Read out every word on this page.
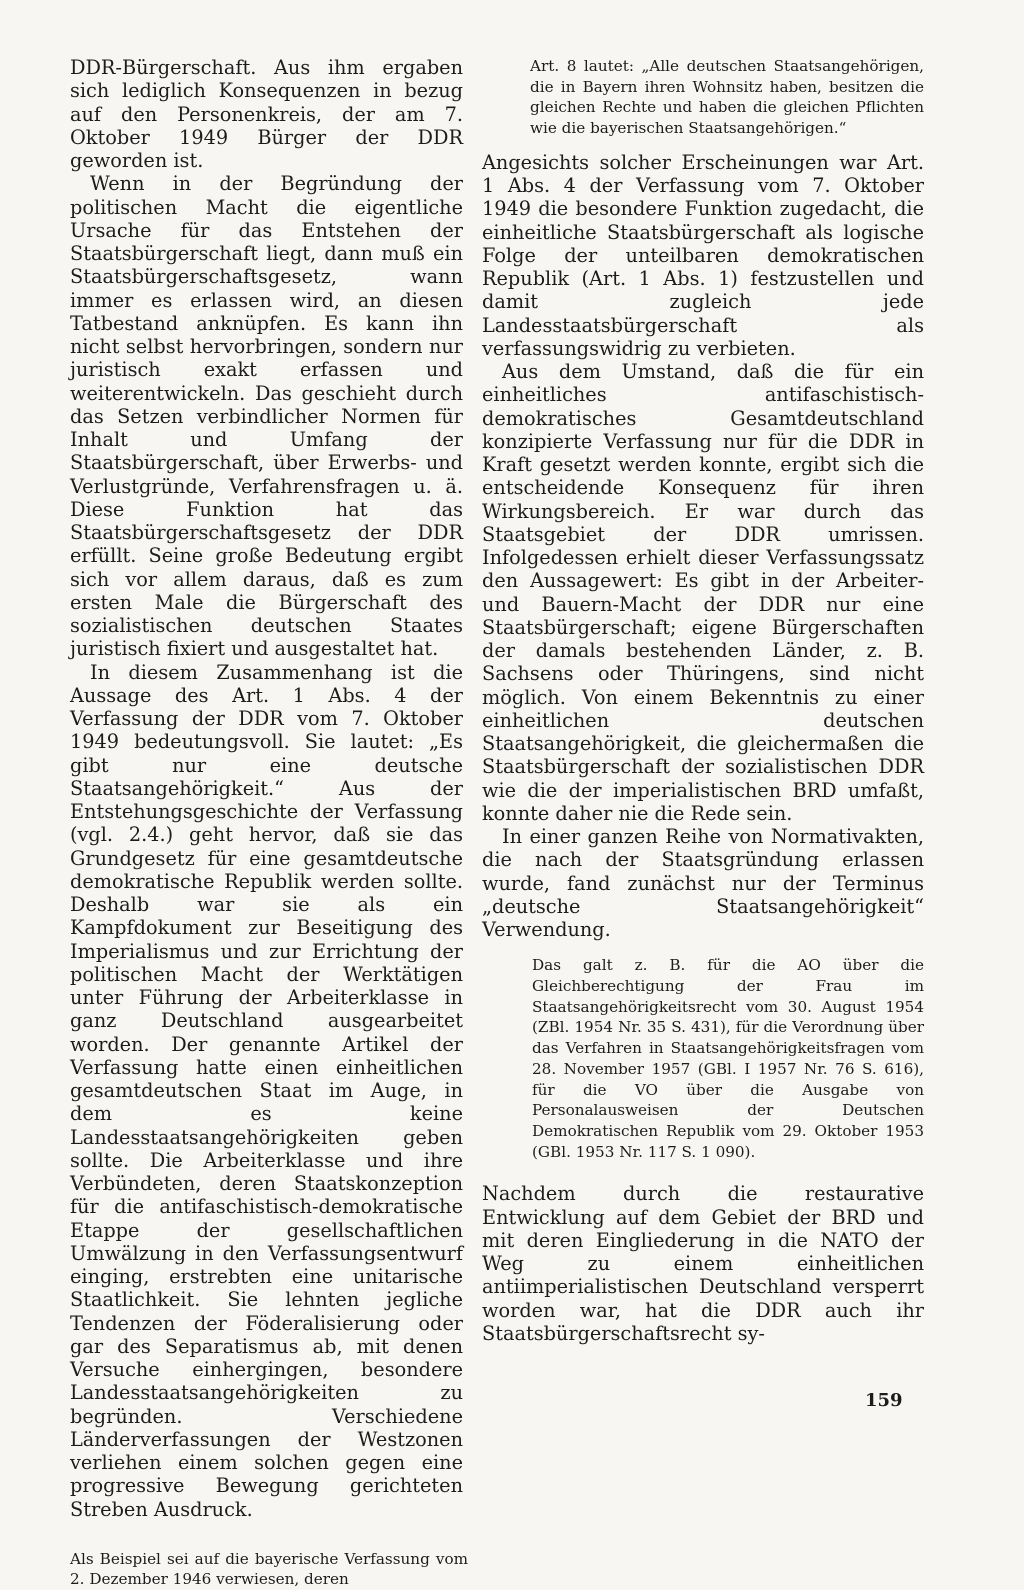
DDR-Bürgerschaft. Aus ihm ergaben sich lediglich Konsequenzen in bezug auf den Personenkreis, der am 7. Oktober 1949 Bürger der DDR geworden ist.

Wenn in der Begründung der politischen Macht die eigentliche Ursache für das Entstehen der Staatsbürgerschaft liegt, dann muß ein Staatsbürgerschaftsgesetz, wann immer es erlassen wird, an diesen Tatbestand anknüpfen. Es kann ihn nicht selbst hervorbringen, sondern nur juristisch exakt erfassen und weiterentwickeln. Das geschieht durch das Setzen verbindlicher Normen für Inhalt und Umfang der Staatsbürgerschaft, über Erwerbs- und Verlustgründe, Verfahrensfragen u. ä. Diese Funktion hat das Staatsbürgerschaftsgesetz der DDR erfüllt. Seine große Bedeutung ergibt sich vor allem daraus, daß es zum ersten Male die Bürgerschaft des sozialistischen deutschen Staates juristisch fixiert und ausgestaltet hat.

In diesem Zusammenhang ist die Aussage des Art. 1 Abs. 4 der Verfassung der DDR vom 7. Oktober 1949 bedeutungsvoll. Sie lautet: „Es gibt nur eine deutsche Staatsangehörigkeit.“ Aus der Entstehungsgeschichte der Verfassung (vgl. 2.4.) geht hervor, daß sie das Grundgesetz für eine gesamtdeutsche demokratische Republik werden sollte. Deshalb war sie als ein Kampfdokument zur Beseitigung des Imperialismus und zur Errichtung der politischen Macht der Werktätigen unter Führung der Arbeiterklasse in ganz Deutschland ausgearbeitet worden. Der genannte Artikel der Verfassung hatte einen einheitlichen gesamtdeutschen Staat im Auge, in dem es keine Landesstaatsangehörigkeiten geben sollte. Die Arbeiterklasse und ihre Verbündeten, deren Staatskonzeption für die antifaschistisch-demokratische Etappe der gesellschaftlichen Umwälzung in den Verfassungsentwurf einging, erstrebten eine unitarische Staatlichkeit. Sie lehnten jegliche Tendenzen der Föderalisierung oder gar des Separatismus ab, mit denen Versuche einhergingen, besondere Landesstaatsangehörigkeiten zu begründen. Verschiedene Länderverfassungen der Westzonen verliehen einem solchen gegen eine progressive Bewegung gerichteten Streben Ausdruck.

Als Beispiel sei auf die bayerische Verfassung vom 2. Dezember 1946 verwiesen, deren

Art. 8 lautet: „Alle deutschen Staatsangehörigen, die in Bayern ihren Wohnsitz haben, besitzen die gleichen Rechte und haben die gleichen Pflichten wie die bayerischen Staatsangehörigen.“

Angesichts solcher Erscheinungen war Art. 1 Abs. 4 der Verfassung vom 7. Oktober 1949 die besondere Funktion zugedacht, die einheitliche Staatsbürgerschaft als logische Folge der unteilbaren demokratischen Republik (Art. 1 Abs. 1) festzustellen und damit zugleich jede Landesstaatsbürgerschaft als verfassungswidrig zu verbieten.

Aus dem Umstand, daß die für ein einheitliches antifaschistisch-demokratisches Gesamtdeutschland konzipierte Verfassung nur für die DDR in Kraft gesetzt werden konnte, ergibt sich die entscheidende Konsequenz für ihren Wirkungsbereich. Er war durch das Staatsgebiet der DDR umrissen. Infolgedessen erhielt dieser Verfassungssatz den Aussagewert: Es gibt in der Arbeiter- und Bauern-Macht der DDR nur eine Staatsbürgerschaft; eigene Bürgerschaften der damals bestehenden Länder, z. B. Sachsens oder Thüringens, sind nicht möglich. Von einem Bekenntnis zu einer einheitlichen deutschen Staatsangehörigkeit, die gleichermaßen die Staatsbürgerschaft der sozialistischen DDR wie die der imperialistischen BRD umfaßt, konnte daher nie die Rede sein.

In einer ganzen Reihe von Normativakten, die nach der Staatsgründung erlassen wurde, fand zunächst nur der Terminus „deutsche Staatsangehörigkeit“ Verwendung.

Das galt z. B. für die AO über die Gleichberechtigung der Frau im Staatsangehörigkeitsrecht vom 30. August 1954 (ZBl. 1954 Nr. 35 S. 431), für die Verordnung über das Verfahren in Staatsangehörigkeitsfragen vom 28. November 1957 (GBl. I 1957 Nr. 76 S. 616), für die VO über die Ausgabe von Personalausweisen der Deutschen Demokratischen Republik vom 29. Oktober 1953 (GBl. 1953 Nr. 117 S. 1 090).

Nachdem durch die restaurative Entwicklung auf dem Gebiet der BRD und mit deren Eingliederung in die NATO der Weg zu einem einheitlichen antiimperialistischen Deutschland versperrt worden war, hat die DDR auch ihr Staatsbürgerschaftsrecht sy-

159
